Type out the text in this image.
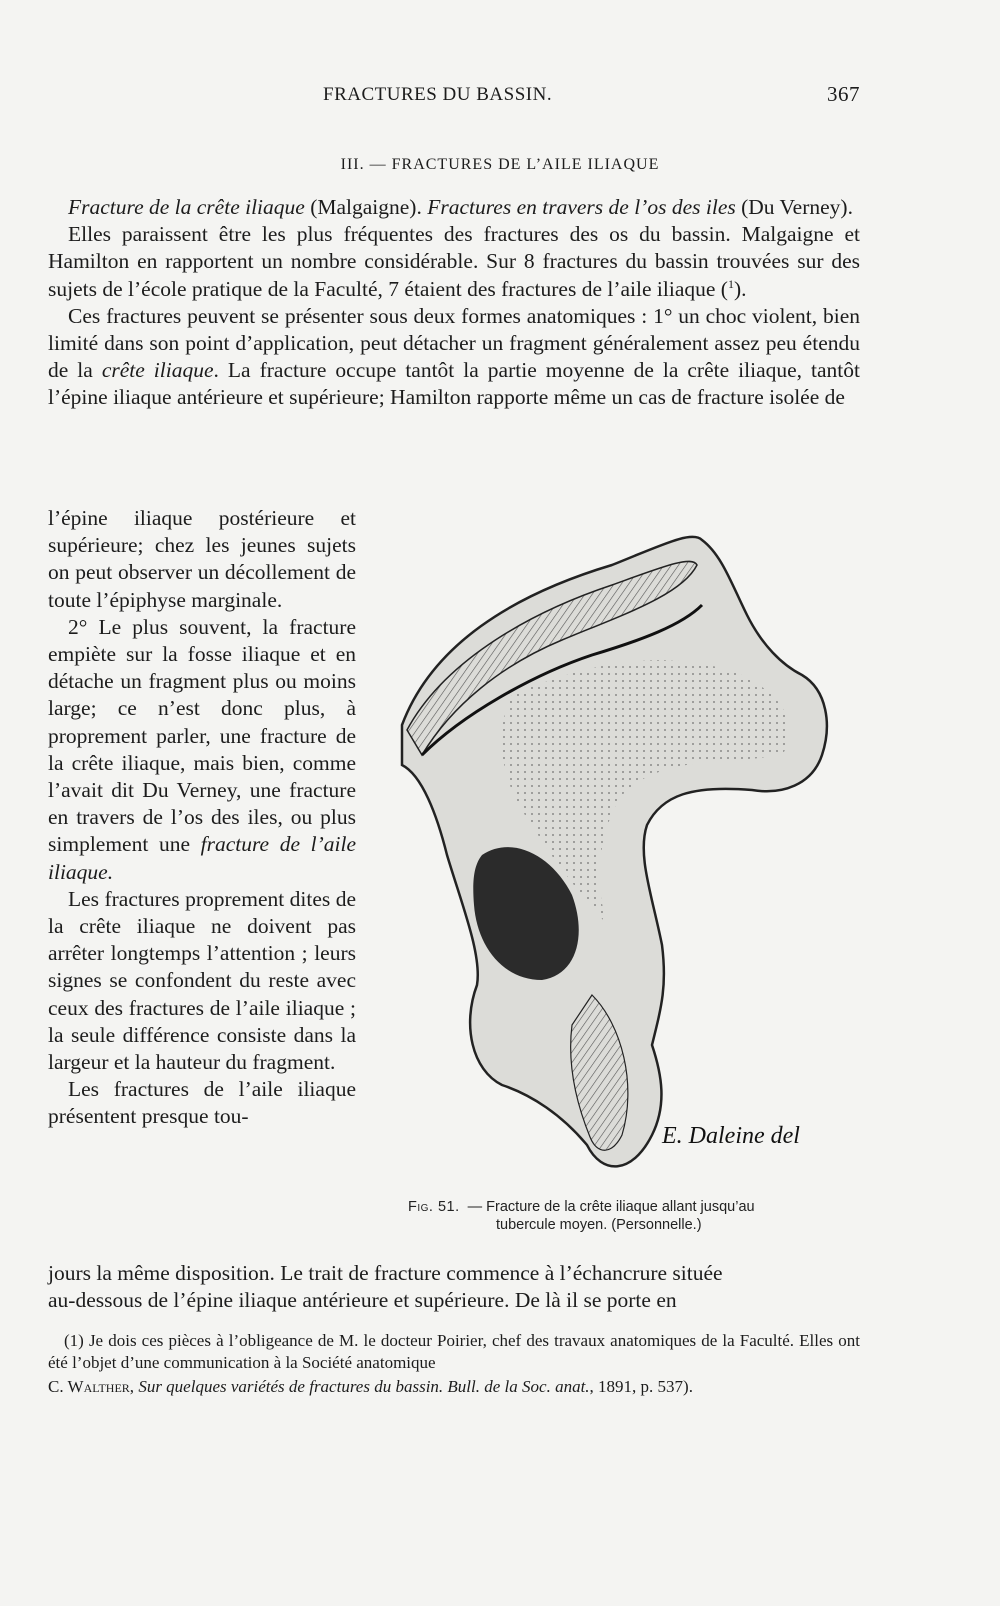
FRACTURES DU BASSIN.	367
III. — FRACTURES DE L’AILE ILIAQUE

Fracture de la crête iliaque (Malgaigne). Fractures en travers de l’os des iles (Du Verney).

Elles paraissent être les plus fréquentes des fractures des os du bassin. Malgaigne et Hamilton en rapportent un nombre considérable. Sur 8 fractures du bassin trouvées sur des sujets de l’école pratique de la Faculté, 7 étaient des fractures de l’aile iliaque ($^1$).

Ces fractures peuvent se présenter sous deux formes anatomiques : 1° un choc violent, bien limité dans son point d’application, peut détacher un fragment généralement assez peu étendu de la crête iliaque. La fracture occupe tantôt la partie moyenne de la crête iliaque, tantôt l’épine iliaque antérieure et supérieure; Hamilton rapporte même un cas de fracture isolée de

l’épine iliaque postérieure et supérieure; chez les jeunes sujets on peut observer un décollement de toute l’épiphyse marginale.

2° Le plus souvent, la fracture empiète sur la fosse iliaque et en détache un fragment plus ou moins large; ce n’est donc plus, à proprement parler, une fracture de la crête iliaque, mais bien, comme l’avait dit Du Verney, une fracture en travers de l’os des iles, ou plus simplement une fracture de l’aile iliaque.

Les fractures proprement dites de la crête iliaque ne doivent pas arrêter longtemps l’attention ; leurs signes se confondent du reste avec ceux des fractures de l’aile iliaque ; la seule différence consiste dans la largeur et la hauteur du fragment.

Les fractures de l’aile iliaque présentent presque tou-

E. Daleine del
Fig. 51. — Fracture de la crête iliaque allant jusqu’au
tubercule moyen. (Personnelle.)

jours la même disposition. Le trait de fracture commence à l’échancrure située

au-dessous de l’épine iliaque antérieure et supérieure. De là il se porte en

(1) Je dois ces pièces à l’obligeance de M. le docteur Poirier, chef des travaux anatomiques de la Faculté. Elles ont été l’objet d’une communication à la Société anatomique

C. Walther, Sur quelques variétés de fractures du bassin. Bull. de la Soc. anat., 1891, p. 537).
